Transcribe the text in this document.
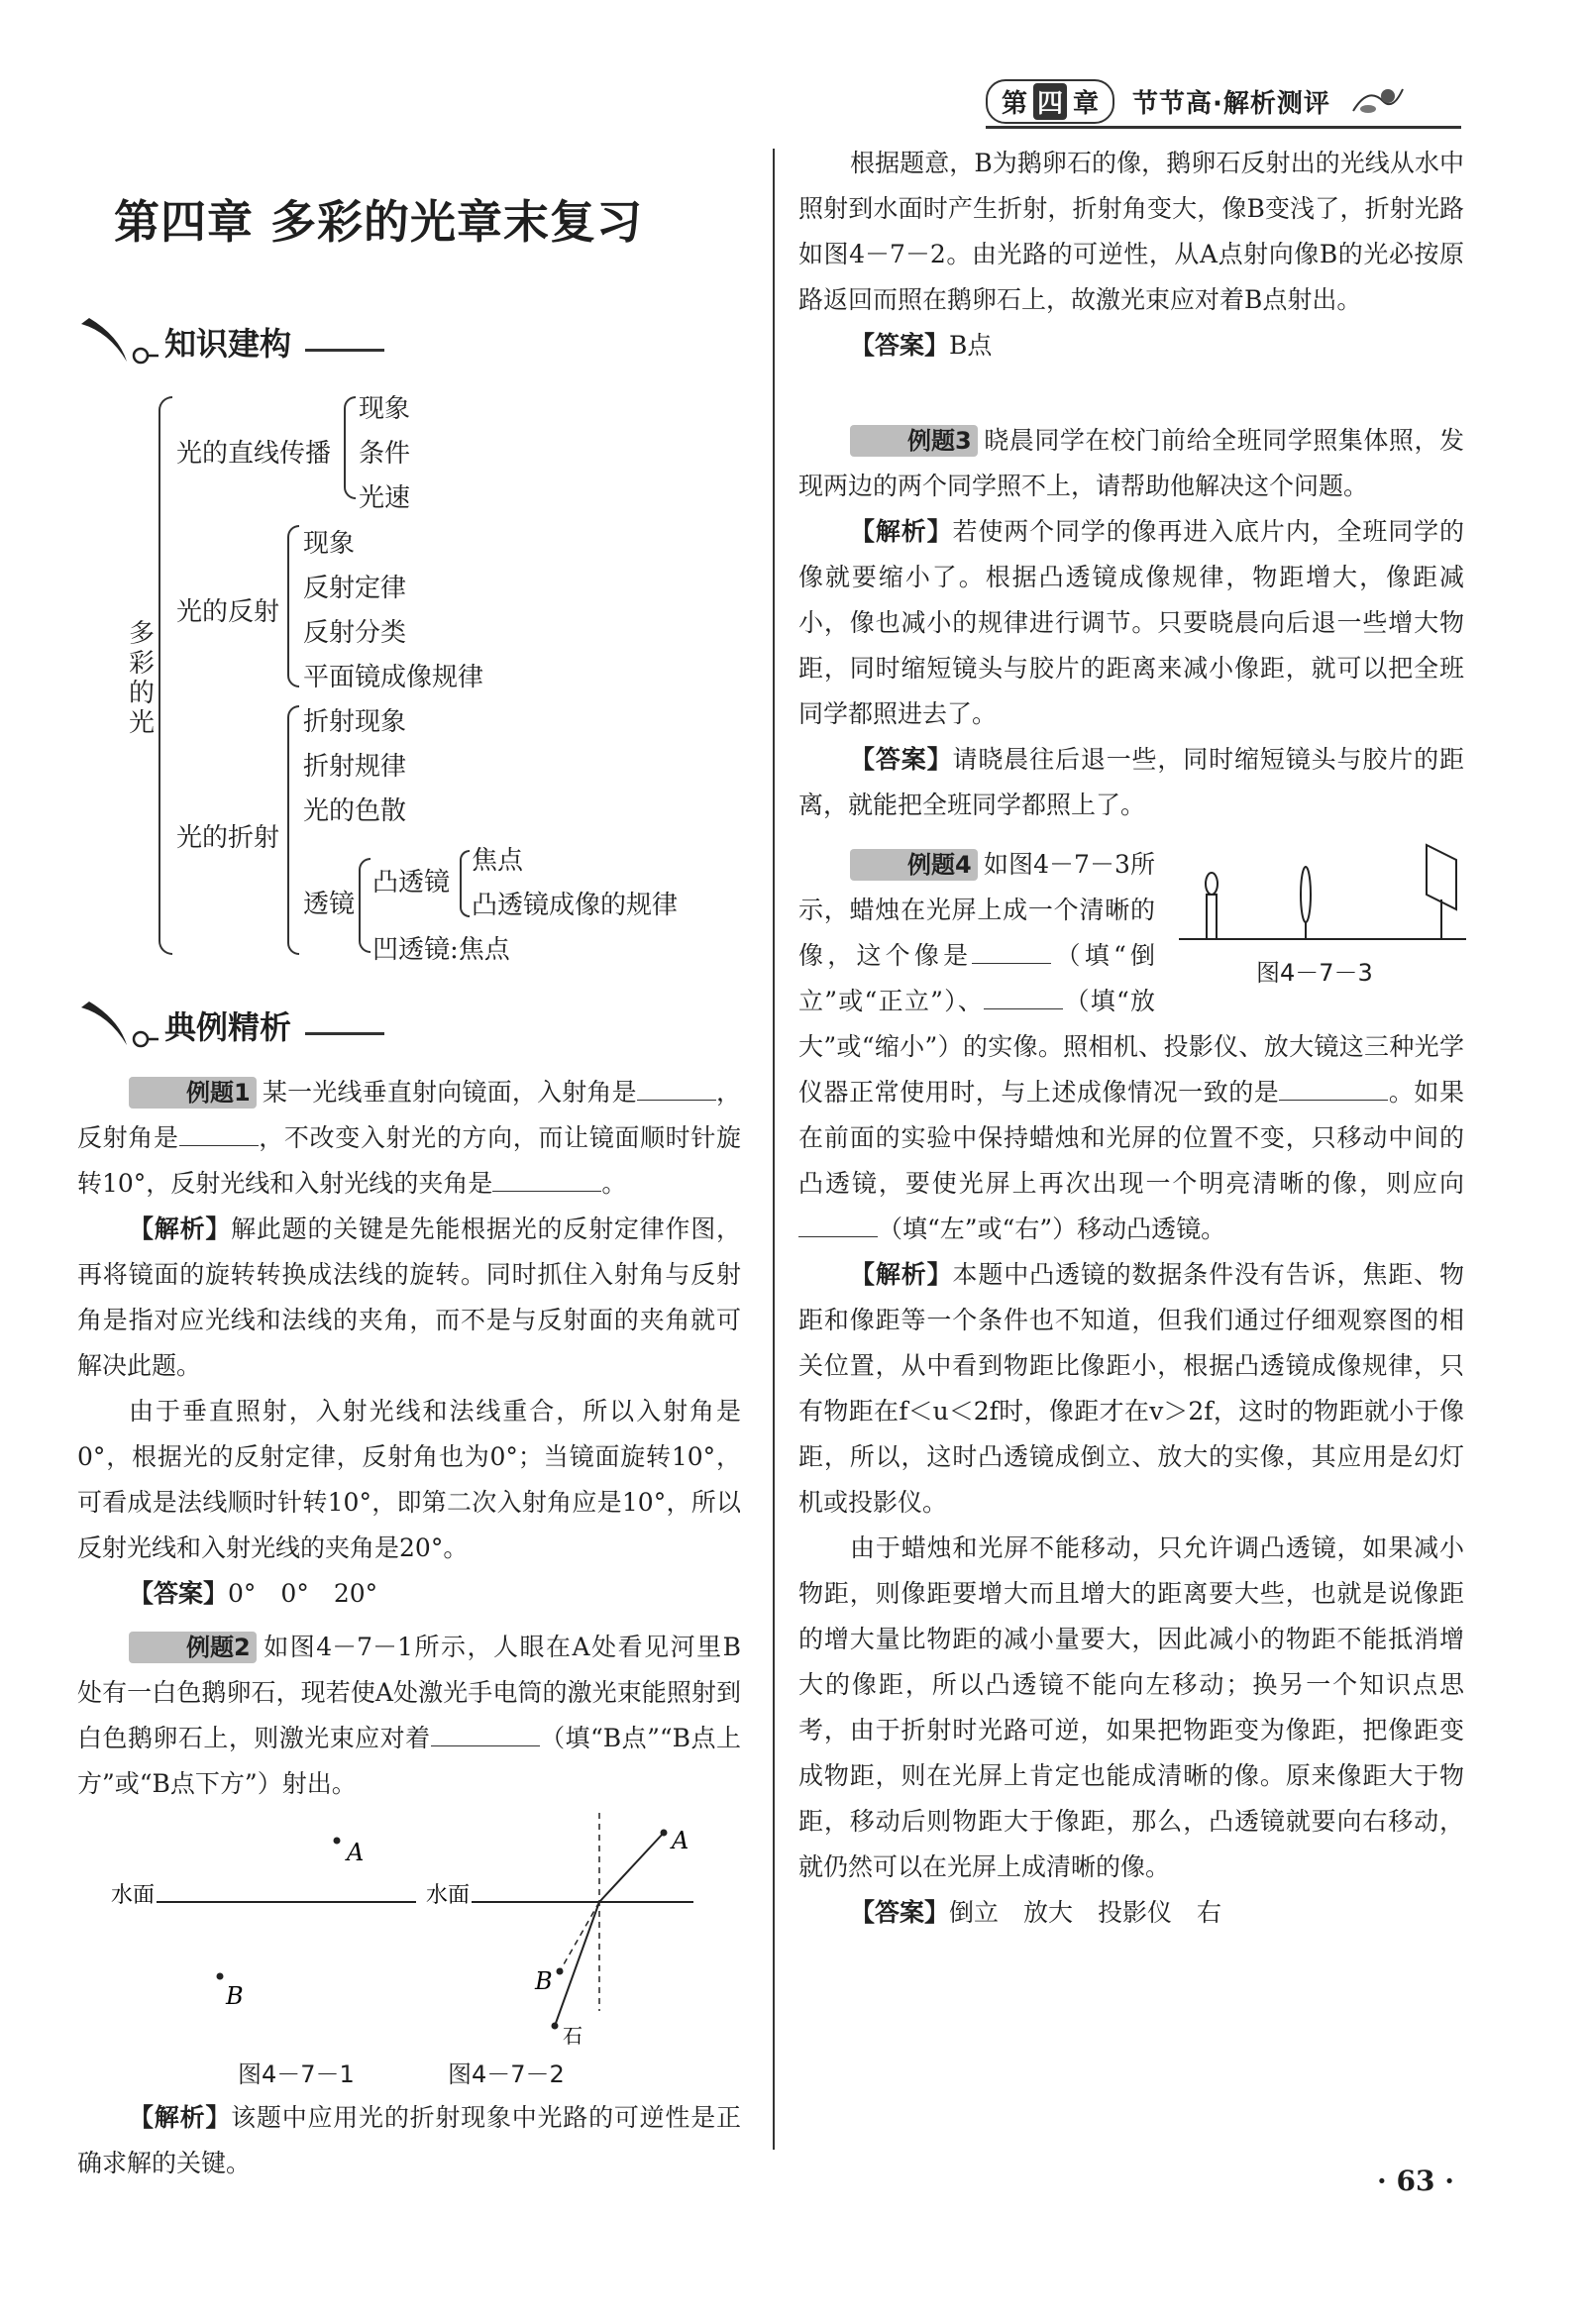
第 四 章 节节高·解析测评
第四章 多彩的光章末复习
知识建构
多彩的光
光的直线传播
现象
条件
光速
光的反射
现象
反射定律
反射分类
平面镜成像规律
光的折射
折射现象
折射规律
光的色散
透镜
凸透镜
焦点
凸透镜成像的规律
凹透镜:焦点
典例精析

例题1 某一光线垂直射向镜面，入射角是	，反射角是	，不改变入射光的方向，而让镜面顺时针旋转10°，反射光线和入射光线的夹角是	。

【解析】解此题的关键是先能根据光的反射定律作图，再将镜面的旋转转换成法线的旋转。同时抓住入射角与反射角是指对应光线和法线的夹角，而不是与反射面的夹角就可解决此题。

由于垂直照射，入射光线和法线重合，所以入射角是0°，根据光的反射定律，反射角也为0°；当镜面旋转10°，可看成是法线顺时针转10°，即第二次入射角应是10°，所以反射光线和入射光线的夹角是20°。

【答案】0°　0°　20°

例题2 如图4－7－1所示，人眼在A处看见河里B处有一白色鹅卵石，现若使A处激光手电筒的激光束能照射到白色鹅卵石上，则激光束应对着	（填“B点”“B点上方”或“B点下方”）射出。

水面
A
B
水面
B
石
A
图4－7－1	图4－7－2

【解析】该题中应用光的折射现象中光路的可逆性是正确求解的关键。

根据题意，B为鹅卵石的像，鹅卵石反射出的光线从水中照射到水面时产生折射，折射角变大，像B变浅了，折射光路如图4－7－2。由光路的可逆性，从A点射向像B的光必按原路返回而照在鹅卵石上，故激光束应对着B点射出。

【答案】B点

例题3 晓晨同学在校门前给全班同学照集体照，发现两边的两个同学照不上，请帮助他解决这个问题。

【解析】若使两个同学的像再进入底片内，全班同学的像就要缩小了。根据凸透镜成像规律，物距增大，像距减小，像也减小的规律进行调节。只要晓晨向后退一些增大物距，同时缩短镜头与胶片的距离来减小像距，就可以把全班同学都照进去了。

【答案】请晓晨往后退一些，同时缩短镜头与胶片的距离，就能把全班同学都照上了。

例题4 如图4－7－3所示，蜡烛在光屏上成一个清晰的像，这个像是	（填“倒立”或“正立”）、	（填“放大”或“缩小”）的实像。照相机、投影仪、放大镜这三种光学仪器正常使用时，与上述成像情况一致的是	。如果在前面的实验中保持蜡烛和光屏的位置不变，只移动中间的凸透镜，要使光屏上再次出现一个明亮清晰的像，则应向（填“左”或“右”）移动凸透镜。

【解析】本题中凸透镜的数据条件没有告诉，焦距、物距和像距等一个条件也不知道，但我们通过仔细观察图的相关位置，从中看到物距比像距小，根据凸透镜成像规律，只有物距在f＜u＜2f时，像距才在v＞2f，这时的物距就小于像距，所以，这时凸透镜成倒立、放大的实像，其应用是幻灯机或投影仪。

由于蜡烛和光屏不能移动，只允许调凸透镜，如果减小物距，则像距要增大而且增大的距离要大些，也就是说像距的增大量比物距的减小量要大，因此减小的物距不能抵消增大的像距，所以凸透镜不能向左移动；换另一个知识点思考，由于折射时光路可逆，如果把物距变为像距，把像距变成物距，则在光屏上肯定也能成清晰的像。原来像距大于物距，移动后则物距大于像距，那么，凸透镜就要向右移动，就仍然可以在光屏上成清晰的像。

【答案】倒立　放大　投影仪　右

图4－7－3
· 63 ·
